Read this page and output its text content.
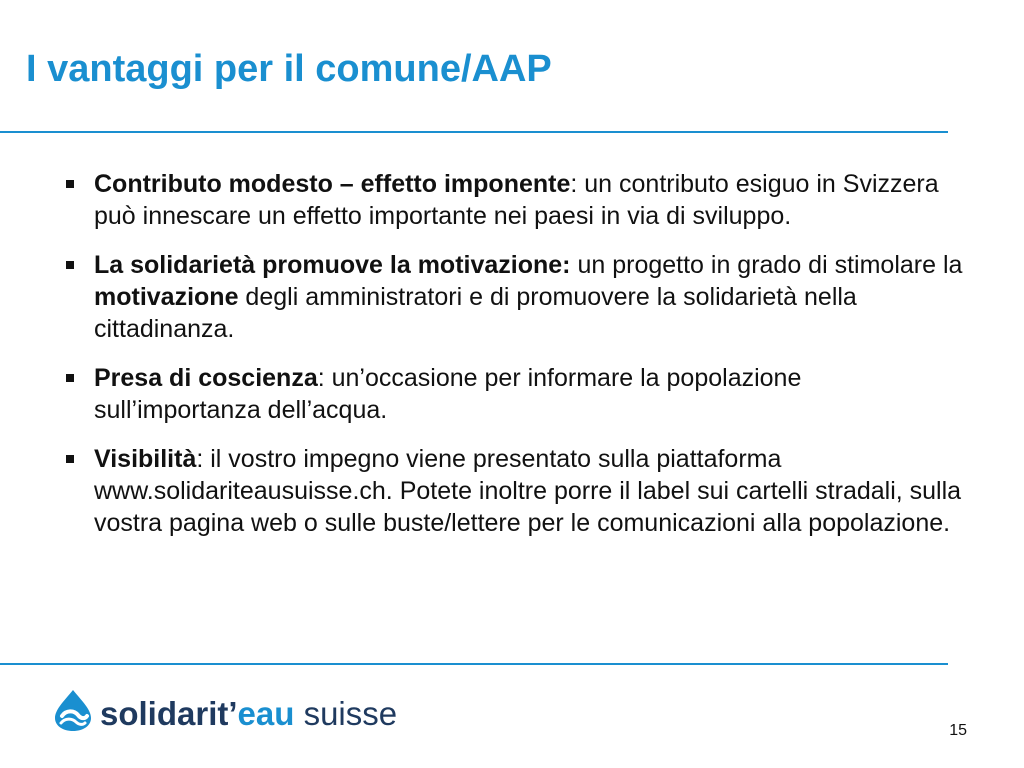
I vantaggi per il comune/AAP
Contributo modesto – effetto imponente: un contributo esiguo in Svizzera può innescare un effetto importante nei paesi in via di sviluppo.
La solidarietà promuove la motivazione: un progetto in grado di stimolare la motivazione degli amministratori e di promuovere la solidarietà nella cittadinanza.
Presa di coscienza: un’occasione per informare la popolazione sull’importanza dell’acqua.
Visibilità: il vostro impegno viene presentato sulla piattaforma www.solidariteausuisse.ch. Potete inoltre porre il label sui cartelli stradali, sulla vostra pagina web o sulle buste/lettere per le comunicazioni alla popolazione.
solidarit’eau suisse	15
